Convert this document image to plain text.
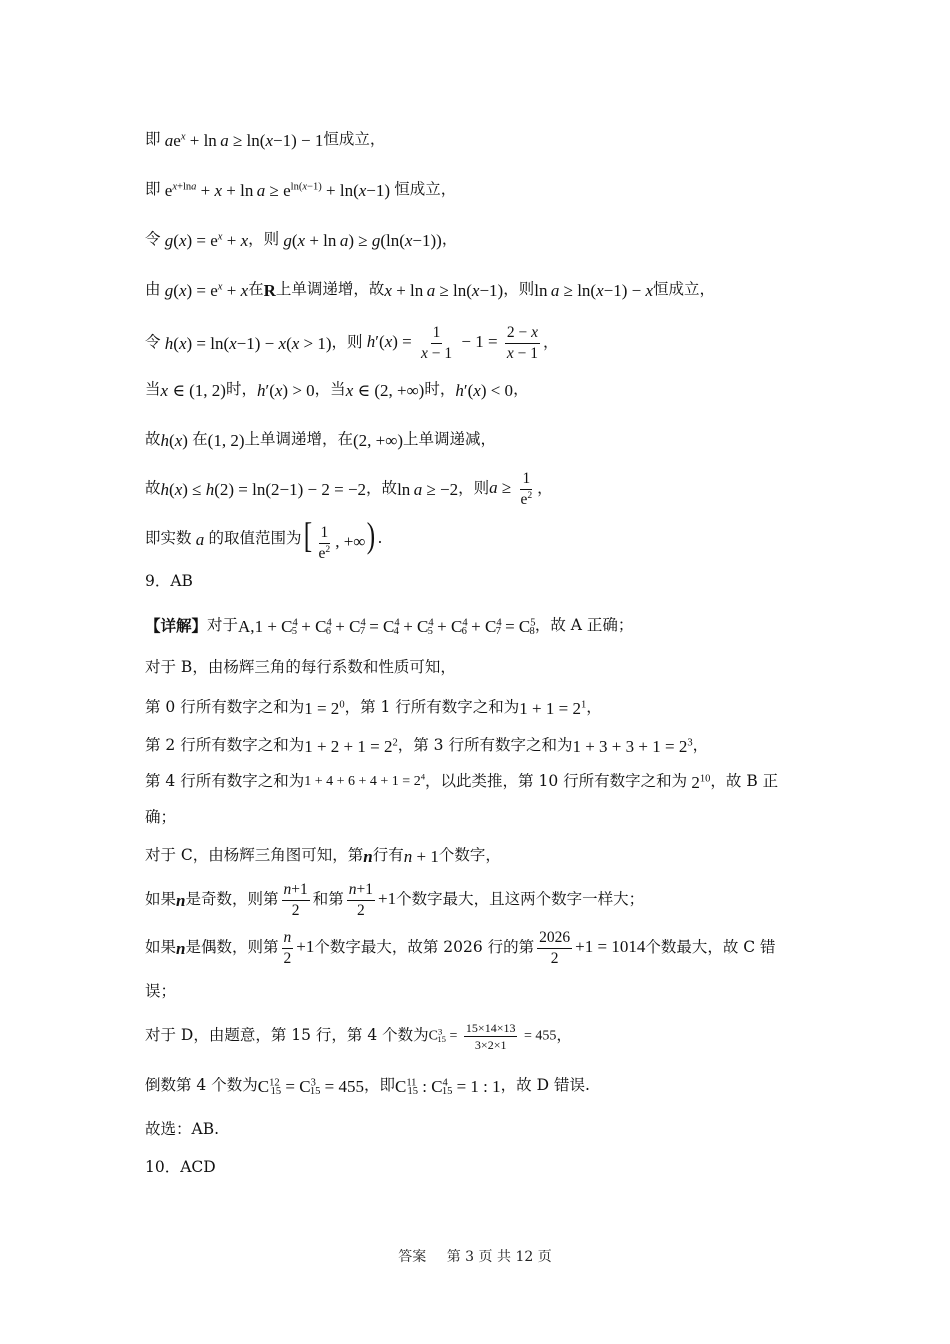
即 $ae^x + \ln a \ge \ln(x-1) - 1$ 恒成立，
即 $e^{x+lna} + x + \ln a \ge e^{ln(x-1)} + \ln(x-1)$ 恒成立，
令 $g(x) = e^x + x$ ，则 g(x + ln a) ≥ g(ln(x−1)) ，
由 $g(x) = e^x + x$ 在 R 上单调递增，故 x + ln a ≥ ln(x−1) ，则 ln a ≥ ln(x−1) − x 恒成立，
令 h(x) = ln(x−1) − x(x > 1) ，则 $h'(x) = \frac{1}{x - 1} - 1 = \frac{2 - x}{x - 1}$ ，
当 x ∈ (1, 2) 时， h′(x) > 0 ，当 x ∈ (2, +∞) 时， h′(x) < 0 ，
故 h(x) 在 (1, 2) 上单调递增，在 (2, +∞) 上单调递减，
故 h(x) ≤ h(2) = ln(2−1) − 2 = −2 ，故 ln a ≥ −2 ，则 $a \ge \frac{1}{e^2}$ ，
即实数 a 的取值范围为 [ $\frac{1}{e^2}$ , +∞) .
9．AB
【详解】 对于 A, $1 + C^4_5 + C^4_6 + C^4_7 = C^4_4 + C^4_5 + C^4_6 + C^4_7 = C^5_8$ ，故 A 正确；
对于 B，由杨辉三角的每行系数和性质可知，
第 0 行所有数字之和为 $1 = 2^0$ ，第 1 行所有数字之和为 $1 + 1 = 2^1$ ，
第 2 行所有数字之和为 $1 + 2 + 1 = 2^2$ ，第 3 行所有数字之和为 $1 + 3 + 3 + 1 = 2^3$ ，
第 4 行所有数字之和为 $1 + 4 + 6 + 4 + 1 = 2^4$ ，以此类推，第 10 行所有数字之和为 $2^{10}$ ，故 B 正
确；
对于 C，由杨辉三角图可知，第 n 行有 n + 1 个数字，
如果 n 是奇数，则第 $\frac{n+1}{2}$ 和第 $\frac{n+1}{2} +1$ 个数字最大，且这两个数字一样大；
如果 n 是偶数，则第 $\frac{n}{2} +1$ 个数字最大，故第 2026 行的第 $\frac{2026}{2} +1 = 1014$ 个数最大，故 C 错
误；
对于 D，由题意，第 15 行，第 4 个数为 $C^3_{15} = \frac{15\times 14\times 13}{3\times 2\times 1} = 455$ ，
倒数第 4 个数为 $C^{12}_{15} = C^3_{15} = 455$ ，即 $C^{11}_{15}$ : $C^4_{15} = 1$ : 1 ，故 D 错误.
故选：AB.
10．ACD
答案 第 3 页 共 12 页
